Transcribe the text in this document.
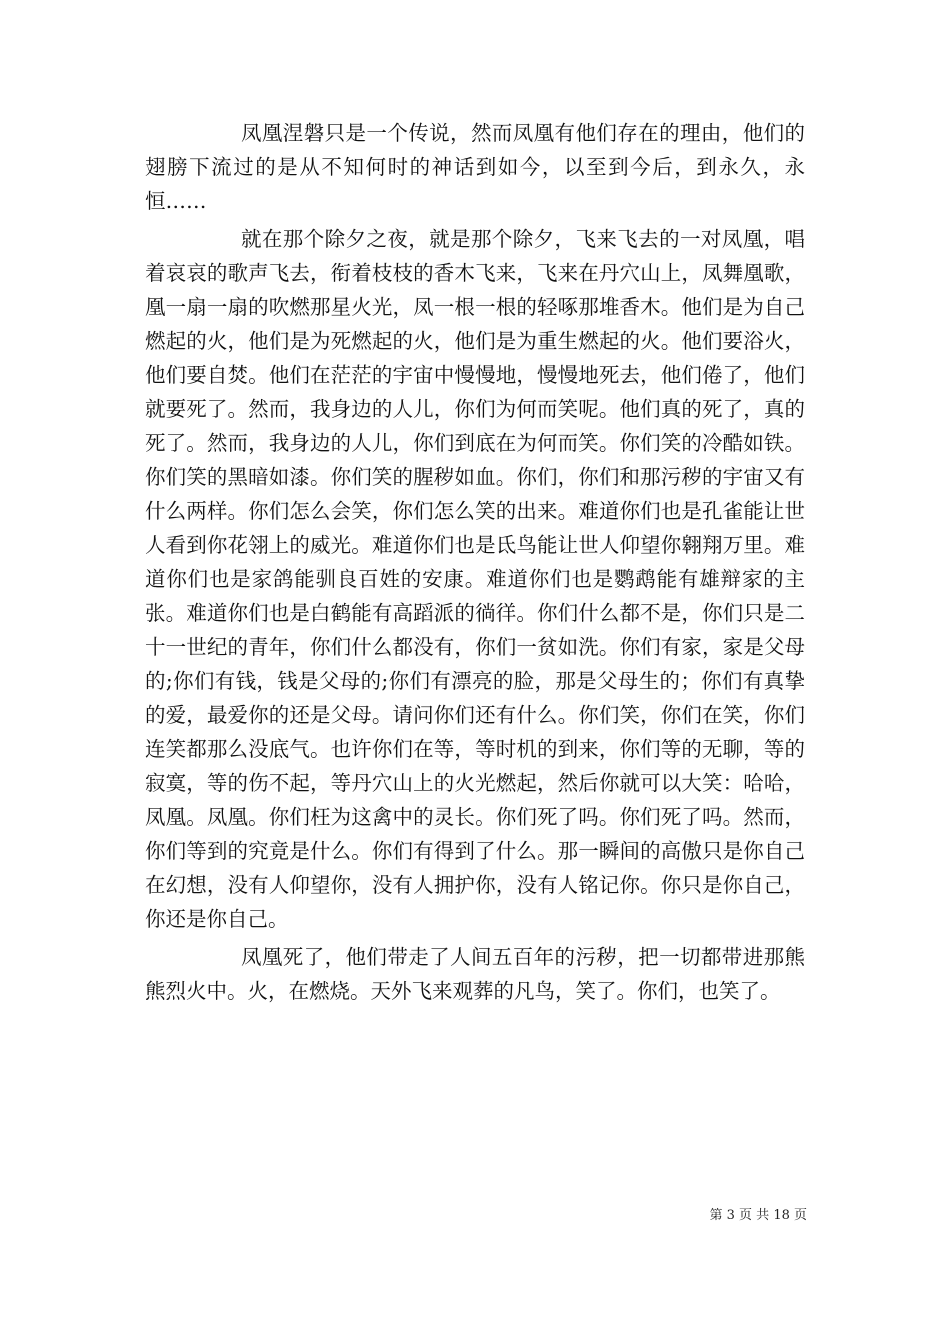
凤凰涅磐只是一个传说，然而凤凰有他们存在的理由，他们的翅膀下流过的是从不知何时的神话到如今，以至到今后，到永久，永恒……

就在那个除夕之夜，就是那个除夕，飞来飞去的一对凤凰，唱着哀哀的歌声飞去，衔着枝枝的香木飞来，飞来在丹穴山上，凤舞凰歌，凰一扇一扇的吹燃那星火光，凤一根一根的轻啄那堆香木。他们是为自己燃起的火，他们是为死燃起的火，他们是为重生燃起的火。他们要浴火，他们要自焚。他们在茫茫的宇宙中慢慢地，慢慢地死去，他们倦了，他们就要死了。然而，我身边的人儿，你们为何而笑呢。他们真的死了，真的死了。然而，我身边的人儿，你们到底在为何而笑。你们笑的冷酷如铁。你们笑的黑暗如漆。你们笑的腥秽如血。你们，你们和那污秽的宇宙又有什么两样。你们怎么会笑，你们怎么笑的出来。难道你们也是孔雀能让世人看到你花翎上的威光。难道你们也是氐鸟能让世人仰望你翱翔万里。难道你们也是家鸽能驯良百姓的安康。难道你们也是鹦鹉能有雄辩家的主张。难道你们也是白鹤能有高蹈派的徜徉。你们什么都不是，你们只是二十一世纪的青年，你们什么都没有，你们一贫如洗。你们有家，家是父母的;你们有钱，钱是父母的;你们有漂亮的脸，那是父母生的；你们有真挚的爱，最爱你的还是父母。请问你们还有什么。你们笑，你们在笑，你们连笑都那么没底气。也许你们在等，等时机的到来，你们等的无聊，等的寂寞，等的伤不起，等丹穴山上的火光燃起，然后你就可以大笑：哈哈，凤凰。凤凰。你们枉为这禽中的灵长。你们死了吗。你们死了吗。然而，你们等到的究竟是什么。你们有得到了什么。那一瞬间的高傲只是你自己在幻想，没有人仰望你，没有人拥护你，没有人铭记你。你只是你自己，你还是你自己。

凤凰死了，他们带走了人间五百年的污秽，把一切都带进那熊熊烈火中。火，在燃烧。天外飞来观葬的凡鸟，笑了。你们，也笑了。

第 3 页 共 18 页
